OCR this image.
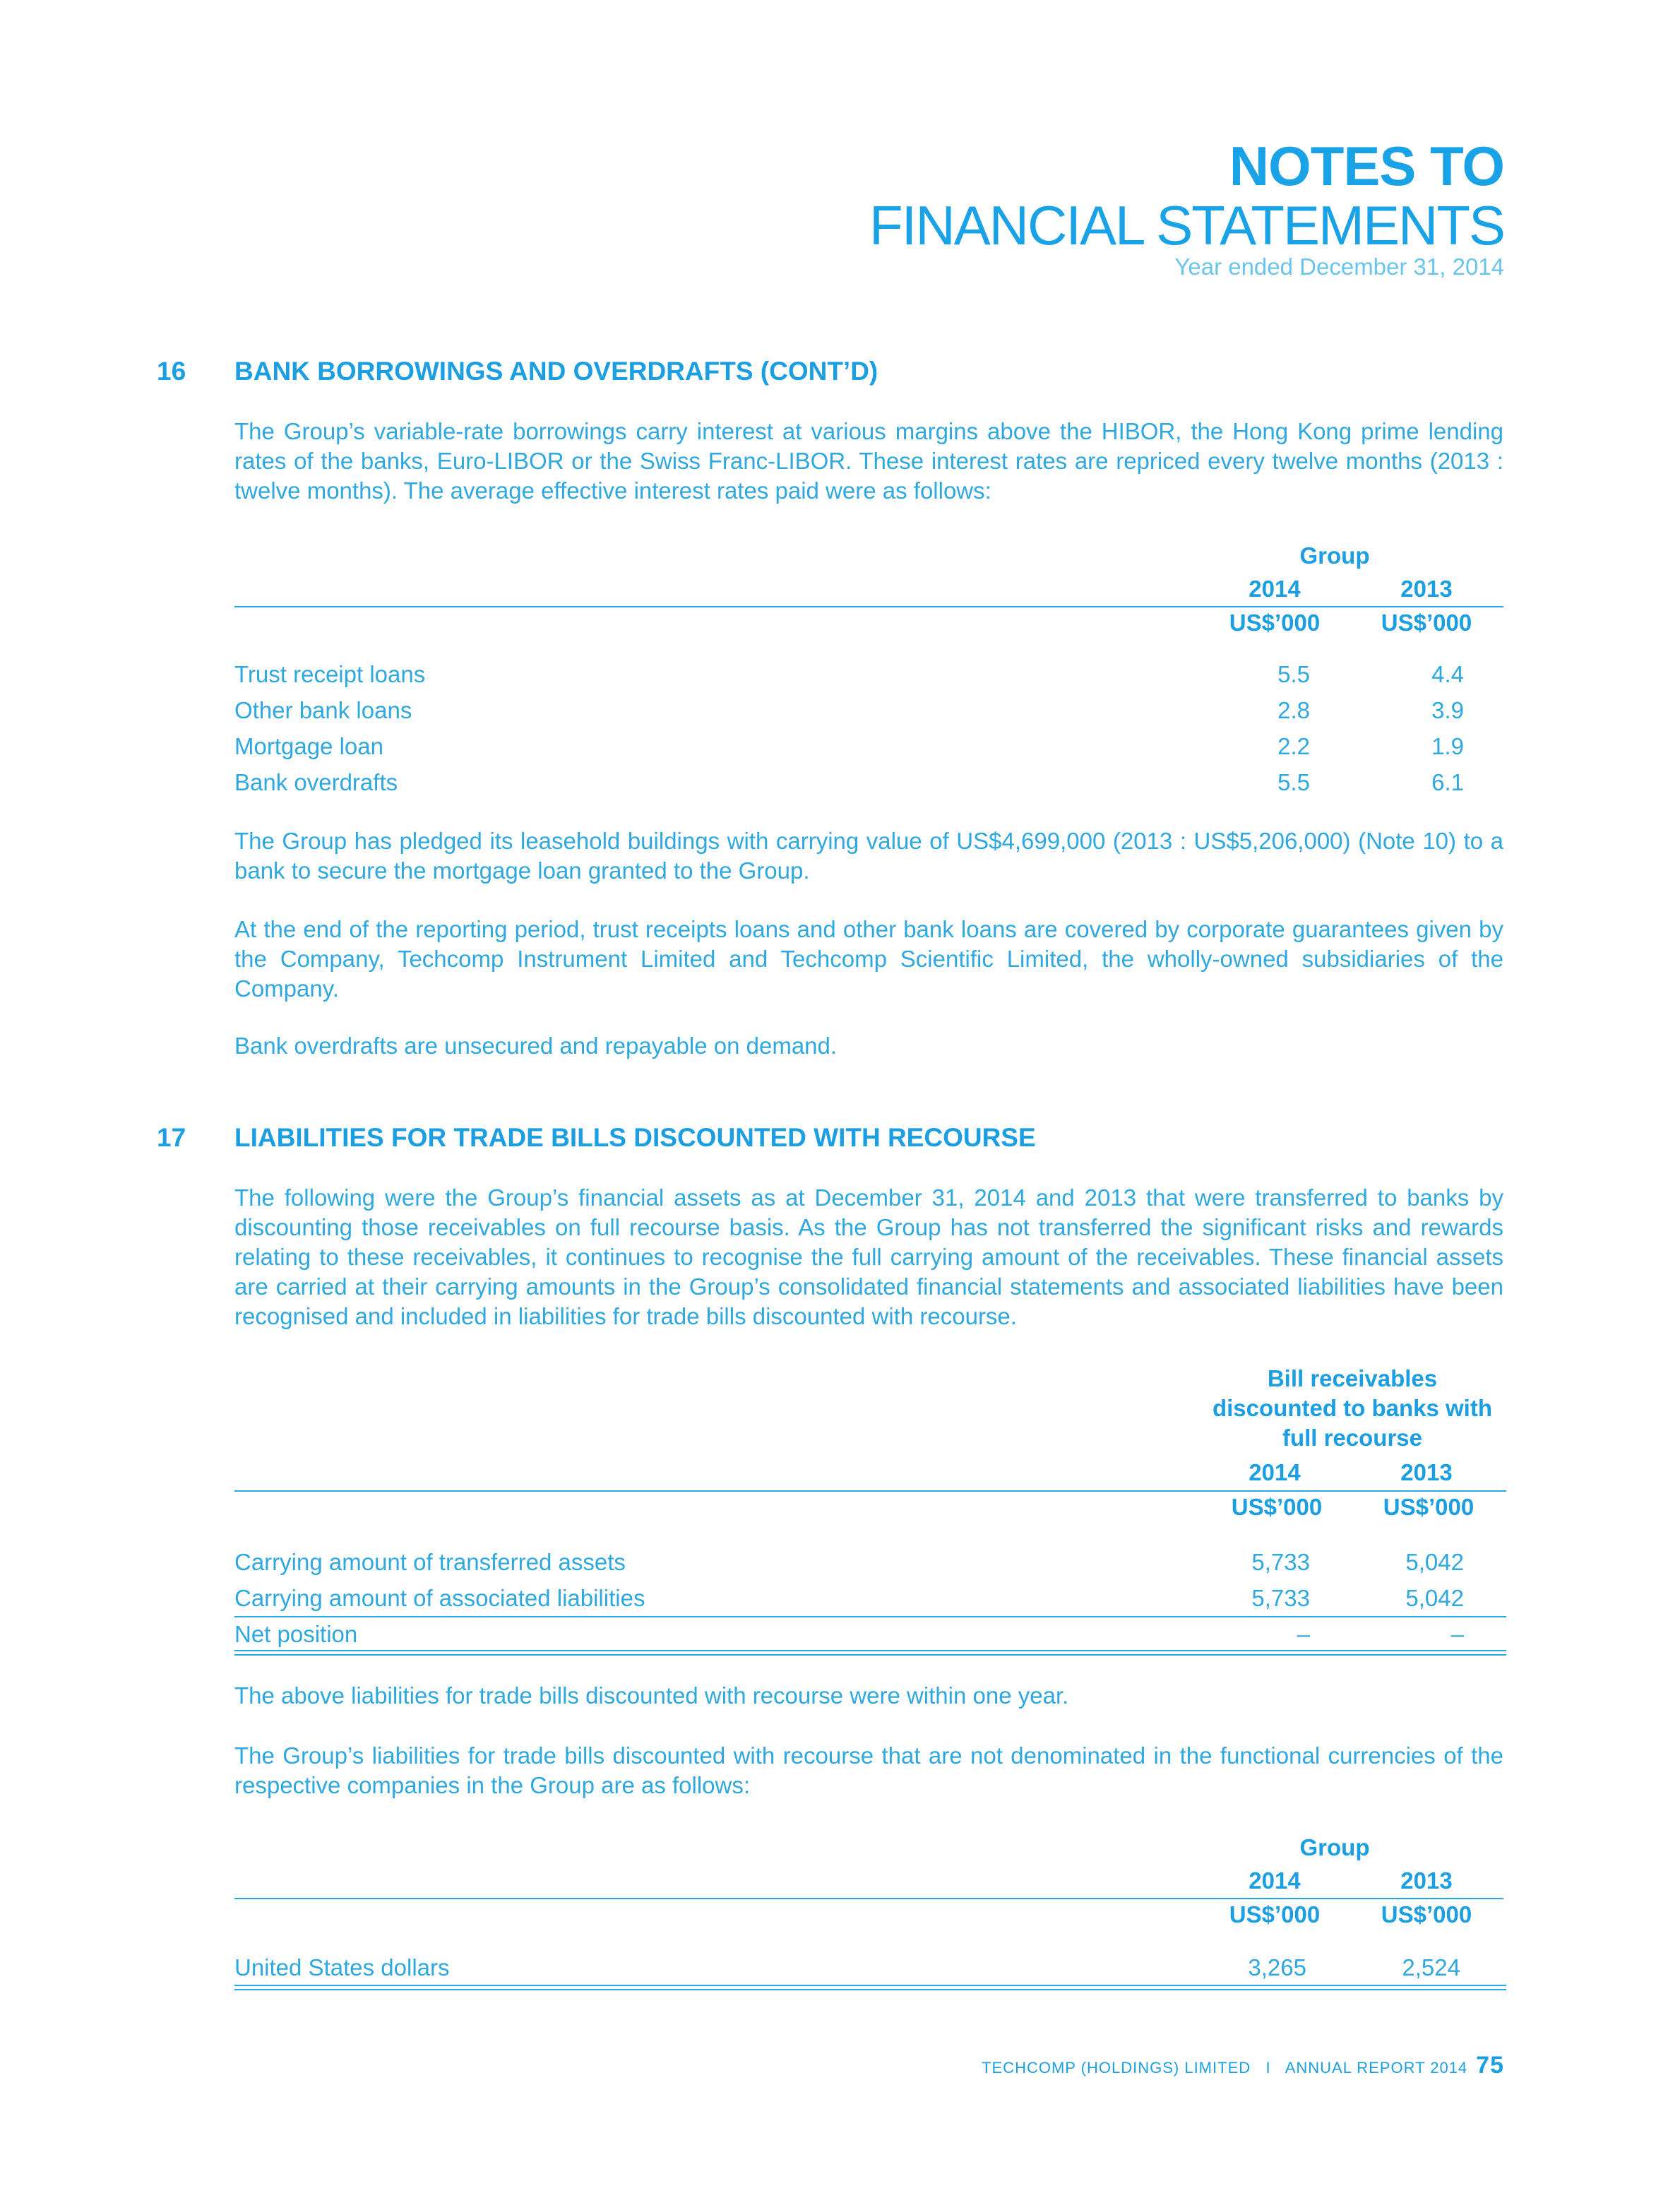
NOTES TO
FINANCIAL STATEMENTS
Year ended December 31, 2014
16 BANK BORROWINGS AND OVERDRAFTS (CONT’D)
The Group’s variable-rate borrowings carry interest at various margins above the HIBOR, the Hong Kong prime lending rates of the banks, Euro-LIBOR or the Swiss Franc-LIBOR. These interest rates are repriced every twelve months (2013 : twelve months). The average effective interest rates paid were as follows:
Group
2014	2013
US$’000	US$’000
Trust receipt loans	5.5	4.4
Other bank loans	2.8	3.9
Mortgage loan	2.2	1.9
Bank overdrafts	5.5	6.1
The Group has pledged its leasehold buildings with carrying value of US$4,699,000 (2013 : US$5,206,000) (Note 10) to a bank to secure the mortgage loan granted to the Group.
At the end of the reporting period, trust receipts loans and other bank loans are covered by corporate guarantees given by the Company, Techcomp Instrument Limited and Techcomp Scientific Limited, the wholly-owned subsidiaries of the Company.
Bank overdrafts are unsecured and repayable on demand.
17 LIABILITIES FOR TRADE BILLS DISCOUNTED WITH RECOURSE
The following were the Group’s financial assets as at December 31, 2014 and 2013 that were transferred to banks by discounting those receivables on full recourse basis. As the Group has not transferred the significant risks and rewards relating to these receivables, it continues to recognise the full carrying amount of the receivables. These financial assets are carried at their carrying amounts in the Group’s consolidated financial statements and associated liabilities have been recognised and included in liabilities for trade bills discounted with recourse.
Bill receivables
discounted to banks with
full recourse
2014	2013
US$’000	US$’000
Carrying amount of transferred assets	5,733	5,042
Carrying amount of associated liabilities	5,733	5,042
Net position	–	–
The above liabilities for trade bills discounted with recourse were within one year.
The Group’s liabilities for trade bills discounted with recourse that are not denominated in the functional currencies of the respective companies in the Group are as follows:
Group
2014	2013
US$’000	US$’000
United States dollars	3,265	2,524
TECHCOMP (HOLDINGS) LIMITED   I   ANNUAL REPORT 2014 75
